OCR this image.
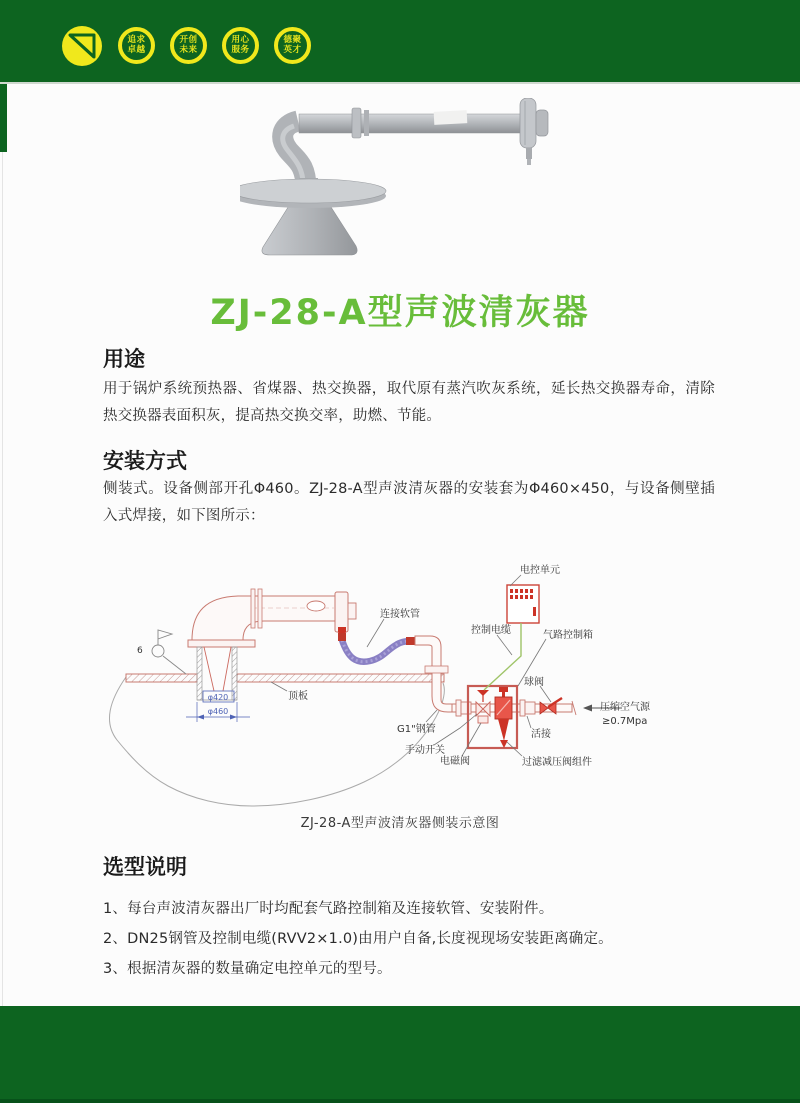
追求
卓越
开创
未来
用心
服务
德聚
英才
ZJ-28-A型声波清灰器
用途
用于锅炉系统预热器、省煤器、热交换器，取代原有蒸汽吹灰系统，延长热交换器寿命，清除热交换器表面积灰，提高热交换交率，助燃、节能。
安装方式
侧装式。设备侧部开孔Φ460。ZJ-28-A型声波清灰器的安装套为Φ460×450，与设备侧壁插入式焊接，如下图所示：
φ420
φ460
6
电控单元
控制电缆	气路控制箱
球阀
压缩空气源
≥0.7Mpa
活接
过滤减压阀组件
电磁阀
手动开关
G1"钢管
连接软管
顶板
ZJ-28-A型声波清灰器侧装示意图
选型说明
1、每台声波清灰器出厂时均配套气路控制箱及连接软管、安装附件。
2、DN25钢管及控制电缆(RVV2×1.0)由用户自备,长度视现场安装距离确定。
3、根据清灰器的数量确定电控单元的型号。
